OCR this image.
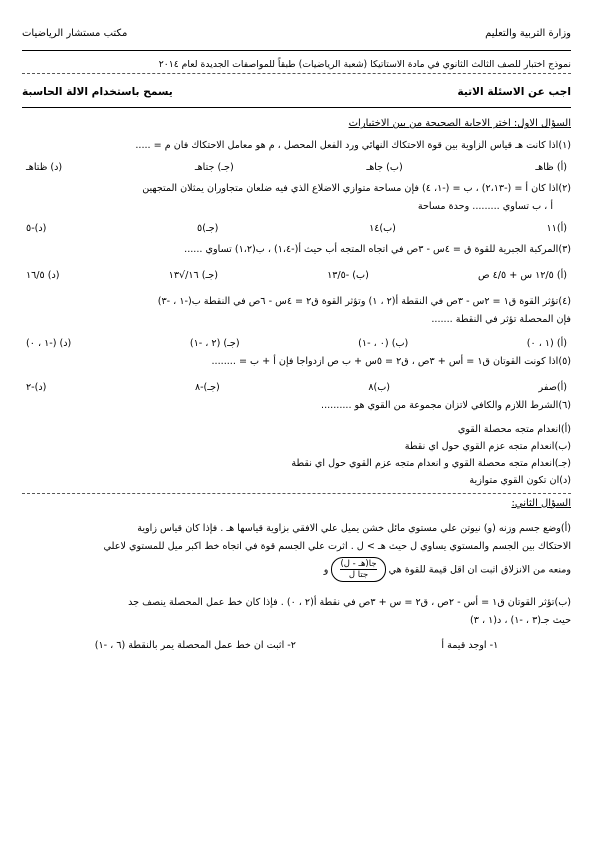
وزارة التربية والتعليم
مكتب مستشار الرياضيات
نموذج اختبار للصف الثالث الثانوي في مادة الاستاتيكا (شعبة الرياضيات) طبقاً للمواصفات الجديدة لعام ٢٠١٤
اجب عن الاسئلة الاتية
يسمح باستخدام الالة الحاسبة
السؤال الاول: اختر الاجابة الصحيحة من بين الاختيارات
(١)اذا كانت هـ قياس الزاوية بين قوة الاحتكاك النهائي ورد الفعل المحصل ، م هو معامل الاحتكاك فان م = .....
(أ) ظاهـ
(ب) جاهـ
(جـ) جتاهـ
(د) ظتاهـ
(٢)اذا كان أ = (-٢،١٣) ، ب = (-١، ٤) فإن مساحة متوازي الاضلاع الذي فيه ضلعان متجاوران يمثلان المتجهين
أ ، ب تساوي ......... وحدة مساحة
(أ)١١
(ب)١٤
(جـ)٥
(د)-٥
(٣)المركبة الجبرية للقوة ق = ٤س - ٣ص في اتجاه المتجه أب حيث أ(-١،٤) ، ب(١،٢) تساوي ......
(أ) ١٢/٥ س + ٤/٥ ص
(ب) -١٣/٥
(جـ) ١٦/√١٣
(د) ١٦/٥
(٤)تؤثر القوة ق١ = ٢س - ٣ص في النقطة أ(٢ ، ١) وتؤثر القوة ق٢ = ٤س - ٦ص في النقطة ب(-١ ، -٣)
فإن المحصلة تؤثر في النقطة .......
(أ) (١ ، ٠)
(ب) (٠ ، -١)
(جـ) (٢ ، -١)
(د) (-١ ، ٠)
(٥)اذا كونت القوتان ق١ = أس + ٣ص ، ق٢ = ٥س + ب ص ازدواجا فإن أ + ب = ........
(أ)صفر
(ب)٨
(جـ)-٨
(د)-٢
(٦)الشرط اللازم والكافي لاتزان مجموعة من القوي هو ..........
(أ)انعدام متجه محصلة القوي
(ب)انعدام متجه عزم القوي حول اي نقطة
(جـ)انعدام متجه محصلة القوي و انعدام متجه عزم القوي حول اي نقطة
(د)ان تكون القوي متوازية
السؤال الثاني:
(أ)وضع جسم وزنه (و) نيوتن علي مستوي مائل خشن يميل علي الافقي بزاوية قياسها هـ . فإذا كان قياس زاوية
الاحتكاك بين الجسم والمستوي يساوي ل حيث هـ > ل . اثرت علي الجسم قوة في اتجاه خط اكبر ميل للمستوي لاعلي
ومنعه من الانزلاق اثبت ان اقل قيمة للقوة هي $\frac{\text{جا(هـ - ل)}}{\text{جتا ل}}$
و
(ب)تؤثر القوتان ق١ = أس - ٢ص ، ق٢ = س + ٣ص في نقطة أ(٢ ، ٠) . فإذا كان خط عمل المحصلة ينصف جد
حيث جـ(٣ ، -١) ، د(١ ، ٣)
١- اوجد قيمة أ
٢- اثبت ان خط عمل المحصلة يمر بالنقطة (٦ ، -١)
